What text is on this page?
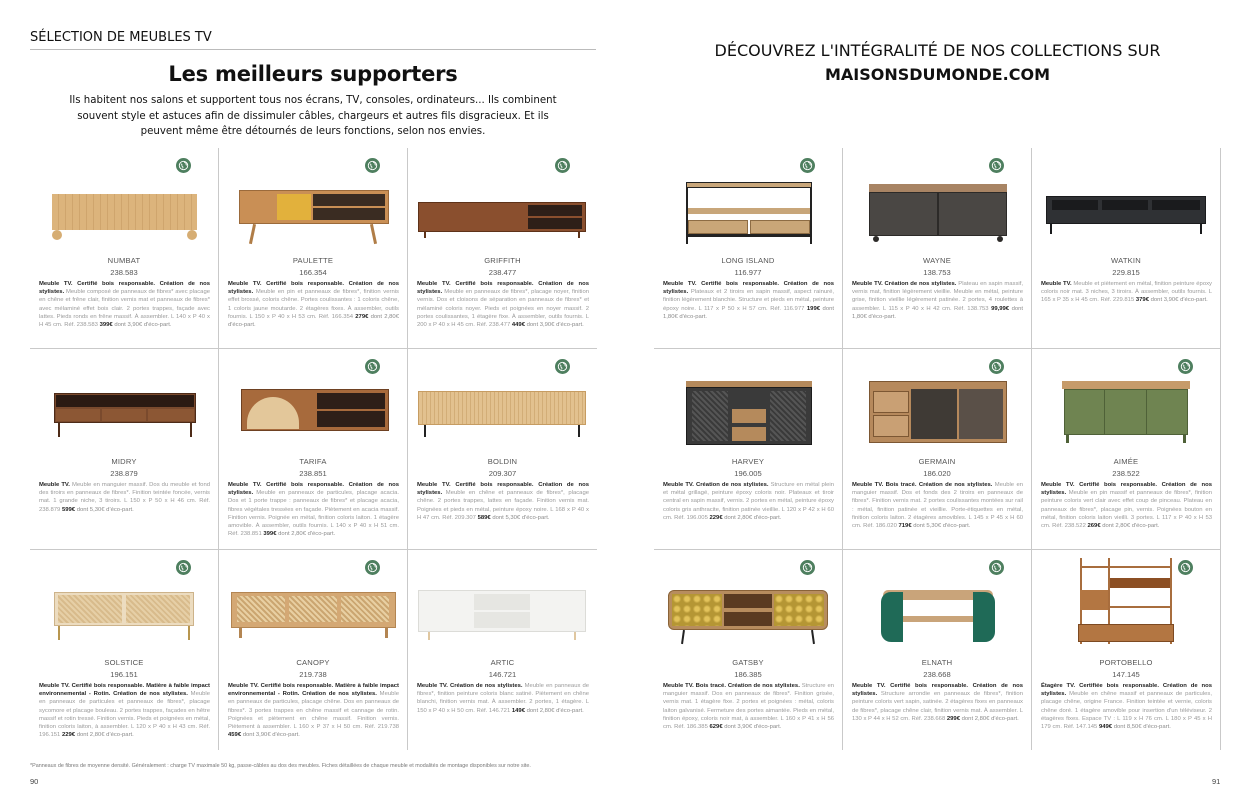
SÉLECTION DE MEUBLES TV
Les meilleurs supporters
Ils habitent nos salons et supportent tous nos écrans, TV, consoles, ordinateurs... Ils combinent souvent style et astuces afin de dissimuler câbles, chargeurs et autres fils disgracieux. Et ils peuvent même être détournés de leurs fonctions, selon nos envies.
NUMBAT
238.583
Meuble TV. Certifié bois responsable. Création de nos stylistes. Meuble composé de panneaux de fibres* avec placage en chêne et frêne clair, finition vernis mat et panneaux de fibres* avec mélaminé effet bois clair. 2 portes trappes, façade avec lattes. Pieds ronds en frêne massif. À assembler. L 140 x P 40 x H 45 cm. Réf. 238.583 399€ dont 3,90€ d'éco-part.
PAULETTE
166.354
Meuble TV. Certifié bois responsable. Création de nos stylistes. Meuble en pin et panneaux de fibres*, finition vernis effet brossé, coloris chêne. Portes coulissantes : 1 coloris chêne, 1 coloris jaune moutarde. 2 étagères fixes. À assembler, outils fournis. L 150 x P 40 x H 53 cm. Réf. 166.354 279€ dont 2,80€ d'éco-part.
GRIFFITH
238.477
Meuble TV. Certifié bois responsable. Création de nos stylistes. Meuble en panneaux de fibres*, placage noyer, finition vernis. Dos et cloisons de séparation en panneaux de fibres* et mélaminé coloris noyer. Pieds et poignées en noyer massif. 2 portes coulissantes, 1 étagère fixe. À assembler, outils fournis. L 200 x P 40 x H 45 cm. Réf. 238.477 449€ dont 3,90€ d'éco-part.
MIDRY
238.879
Meuble TV. Meuble en manguier massif. Dos du meuble et fond des tiroirs en panneaux de fibres*. Finition teintée foncée, vernis mat. 1 grande niche, 3 tiroirs. L 150 x P 50 x H 46 cm. Réf. 238.879 599€ dont 5,30€ d'éco-part.
TARIFA
238.851
Meuble TV. Certifié bois responsable. Création de nos stylistes. Meuble en panneaux de particules, placage acacia. Dos et 1 porte trappe : panneaux de fibres* et placage acacia, fibres végétales tressées en façade. Piètement en acacia massif. Finition vernis. Poignée en métal, finition coloris laiton. 1 étagère amovible. À assembler, outils fournis. L 140 x P 40 x H 51 cm. Réf. 238.851 399€ dont 2,80€ d'éco-part.
BOLDIN
209.307
Meuble TV. Certifié bois responsable. Création de nos stylistes. Meuble en chêne et panneaux de fibres*, placage chêne. 2 portes trappes, lattes en façade. Finition vernis mat. Poignées et pieds en métal, peinture époxy noire. L 168 x P 40 x H 47 cm. Réf. 209.307 589€ dont 5,30€ d'éco-part.
SOLSTICE
196.151
Meuble TV. Certifié bois responsable. Matière à faible impact environnemental - Rotin. Création de nos stylistes. Meuble en panneaux de particules et panneaux de fibres*, placage sycomore et placage bouleau. 2 portes trappes, façades en hêtre massif et rotin tressé. Finition vernis. Pieds et poignées en métal, finition coloris laiton, à assembler. L 120 x P 40 x H 43 cm. Réf. 196.151 229€ dont 2,80€ d'éco-part.
CANOPY
219.738
Meuble TV. Certifié bois responsable. Matière à faible impact environnemental - Rotin. Création de nos stylistes. Meuble en panneaux de particules, placage chêne. Dos en panneaux de fibres*. 3 portes trappes en chêne massif et cannage de rotin. Poignées et piètement en chêne massif. Finition vernis. Piètement à assembler. L 160 x P 37 x H 50 cm. Réf. 219.738 459€ dont 3,90€ d'éco-part.
ARTIC
146.721
Meuble TV. Création de nos stylistes. Meuble en panneaux de fibres*, finition peinture coloris blanc satiné. Piètement en chêne blanchi, finition vernis mat. À assembler. 2 portes, 1 étagère. L 150 x P 40 x H 50 cm. Réf. 146.721 149€ dont 2,80€ d'éco-part.
*Panneaux de fibres de moyenne densité. Généralement : charge TV maximale 50 kg, passe-câbles au dos des meubles. Fiches détaillées de chaque meuble et modalités de montage disponibles sur notre site.
90
DÉCOUVREZ L'INTÉGRALITÉ DE NOS COLLECTIONS SUR
MAISONSDUMONDE.COM
LONG ISLAND
116.977
Meuble TV. Certifié bois responsable. Création de nos stylistes. Plateaux et 2 tiroirs en sapin massif, aspect rainuré, finition légèrement blanchie. Structure et pieds en métal, peinture époxy noire. L 117 x P 50 x H 57 cm. Réf. 116.977 199€ dont 1,80€ d'éco-part.
WAYNE
138.753
Meuble TV. Création de nos stylistes. Plateau en sapin massif, vernis mat, finition légèrement vieillie. Meuble en métal, peinture grise, finition vieillie légèrement patinée. 2 portes, 4 roulettes à assembler. L 115 x P 40 x H 42 cm. Réf. 138.753 99,99€ dont 1,80€ d'éco-part.
WATKIN
229.815
Meuble TV. Meuble et piètement en métal, finition peinture époxy coloris noir mat. 3 niches, 3 tiroirs. À assembler, outils fournis. L 165 x P 35 x H 45 cm. Réf. 229.815 379€ dont 3,90€ d'éco-part.
HARVEY
196.005
Meuble TV. Création de nos stylistes. Structure en métal plein et métal grillagé, peinture époxy coloris noir. Plateaux et tiroir central en sapin massif, vernis. 2 portes en métal, peinture époxy coloris gris anthracite, finition patinée vieillie. L 120 x P 42 x H 60 cm. Réf. 196.005 229€ dont 2,80€ d'éco-part.
GERMAIN
186.020
Meuble TV. Bois tracé. Création de nos stylistes. Meuble en manguier massif. Dos et fonds des 2 tiroirs en panneaux de fibres*. Finition vernis mat. 2 portes coulissantes montées sur rail : métal, finition patinée et vieillie. Porte-étiquettes en métal, finition coloris laiton. 2 étagères amovibles. L 145 x P 45 x H 60 cm. Réf. 186.020 719€ dont 5,30€ d'éco-part.
AIMÉE
238.522
Meuble TV. Certifié bois responsable. Création de nos stylistes. Meuble en pin massif et panneaux de fibres*, finition peinture coloris vert clair avec effet coup de pinceau. Plateau en panneaux de fibres*, placage pin, vernis. Poignées bouton en métal, finition coloris laiton vieilli. 3 portes. L 117 x P 40 x H 53 cm. Réf. 238.522 269€ dont 2,80€ d'éco-part.
GATSBY
186.385
Meuble TV. Bois tracé. Création de nos stylistes. Structure en manguier massif. Dos en panneaux de fibres*. Finition grisée, vernis mat. 1 étagère fixe. 2 portes et poignées : métal, coloris laiton galvanisé. Fermeture des portes aimantée. Pieds en métal, finition époxy, coloris noir mat, à assembler. L 160 x P 41 x H 56 cm. Réf. 186.385 629€ dont 3,90€ d'éco-part.
ELNATH
238.668
Meuble TV. Certifié bois responsable. Création de nos stylistes. Structure arrondie en panneaux de fibres*, finition peinture coloris vert sapin, satinée. 2 étagères fixes en panneaux de fibres*, placage chêne clair, finition vernis mat. À assembler. L 130 x P 44 x H 52 cm. Réf. 238.668 299€ dont 2,80€ d'éco-part.
PORTOBELLO
147.145
Étagère TV. Certifiée bois responsable. Création de nos stylistes. Meuble en chêne massif et panneaux de particules, placage chêne, origine France. Finition teintée et vernie, coloris chêne doré. 1 étagère amovible pour insertion d'un téléviseur. 2 étagères fixes. Espace TV : L 119 x H 76 cm. L 180 x P 45 x H 179 cm. Réf. 147.145 949€ dont 8,50€ d'éco-part.
91
